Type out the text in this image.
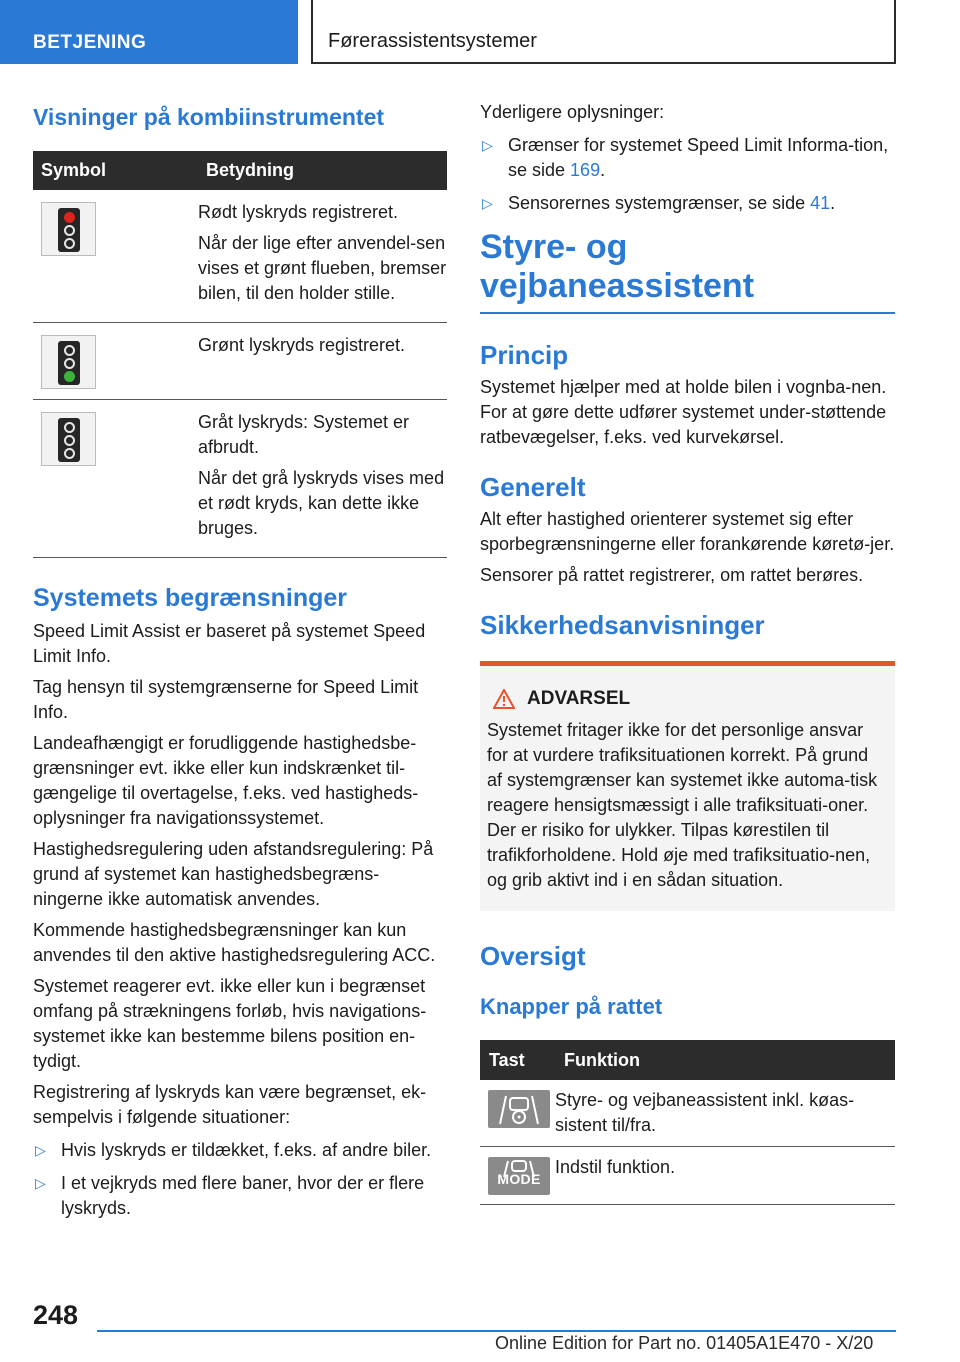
BETJENING	Førerassistentsystemer
Visninger på kombiinstrumentet
Symbol	Betydning

	Rødt lyskryds registreret.

Når der lige efter anvendel-sen vises et grønt flueben, bremser bilen, til den holder stille.

	Grønt lyskryds registreret.

	Gråt lyskryds: Systemet er afbrudt.

Når det grå lyskryds vises med et rødt kryds, kan dette ikke bruges.

Systemets begrænsninger

Speed Limit Assist er baseret på systemet Speed Limit Info.

Tag hensyn til systemgrænserne for Speed Limit Info.

Landeafhængigt er forudliggende hastighedsbe-grænsninger evt. ikke eller kun indskrænket til-gængelige til overtagelse, f.eks. ved hastigheds-oplysninger fra navigationssystemet.

Hastighedsregulering uden afstandsregulering: På grund af systemet kan hastighedsbegræns-ningerne ikke automatisk anvendes.

Kommende hastighedsbegrænsninger kan kun anvendes til den aktive hastighedsregulering ACC.

Systemet reagerer evt. ikke eller kun i begrænset omfang på strækningens forløb, hvis navigations-systemet ikke kan bestemme bilens position en-tydigt.

Registrering af lyskryds kan være begrænset, ek-sempelvis i følgende situationer:

▷ Hvis lyskryds er tildækket, f.eks. af andre biler.
▷ I et vejkryds med flere baner, hvor der er flere lyskryds.

Yderligere oplysninger:

▷ Grænser for systemet Speed Limit Informa-tion, se side 169.
▷ Sensorernes systemgrænser, se side 41.
Styre- og vejbaneassistent
Princip

Systemet hjælper med at holde bilen i vognba-nen. For at gøre dette udfører systemet under-støttende ratbevægelser, f.eks. ved kurvekørsel.

Generelt

Alt efter hastighed orienterer systemet sig efter sporbegrænsningerne eller forankørende køretø-jer.

Sensorer på rattet registrerer, om rattet berøres.

Sikkerhedsanvisninger
ADVARSEL

Systemet fritager ikke for det personlige ansvar for at vurdere trafiksituationen korrekt. På grund af systemgrænser kan systemet ikke automa-tisk reagere hensigtsmæssigt i alle trafiksituati-oner. Der er risiko for ulykker. Tilpas kørestilen til trafikforholdene. Hold øje med trafiksituatio-nen, og grib aktivt ind i en sådan situation.

Oversigt
Knapper på rattet
Tast	Funktion

	Styre- og vejbaneassistent inkl. køas-sistent til/fra.

MODE	Indstil funktion.
248
Online Edition for Part no. 01405A1E470 - X/20
